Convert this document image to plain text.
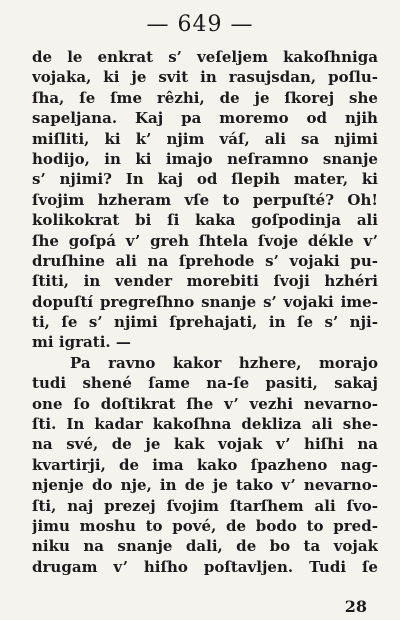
— 649 —
de le enkrat s’ veſeljem kakoſhniga
vojaka, ki je svit in rasujsdan, poſlu-
ſha, ſe ſme rêzhi, de je ſkorej she
sapeljana. Kaj pa moremo od njih
miſliti, ki k’ njim váſ, ali sa njimi
hodijo, in ki imajo neſramno snanje
s’ njimi? In kaj od ſlepih mater, ki
ſvojim hzheram vſe to perpuſté? Oh!
kolikokrat bi ſi kaka goſpodinja ali
ſhe goſpá v’ greh ſhtela ſvoje dékle v’
druſhine ali na ſprehode s’ vojaki pu-
ſtiti, in vender morebiti ſvoji hzhéri
dopuſtí pregreſhno snanje s’ vojaki ime-
ti, ſe s’ njimi ſprehajati, in ſe s’ nji-
mi igrati. —
Pa ravno kakor hzhere, morajo
tudi shené ſame na-ſe pasiti, sakaj
one ſo doſtikrat ſhe v’ vezhi nevarno-
ſti. In kadar kakoſhna dekliza ali she-
na své, de je kak vojak v’ hiſhi na
kvartirji, de ima kako ſpazheno nag-
njenje do nje, in de je tako v’ nevarno-
ſti, naj prezej ſvojim ſtarſhem ali ſvo-
jimu moshu to pové, de bodo to pred-
niku na snanje dali, de bo ta vojak
drugam v’ hiſho poſtavljen. Tudi ſe
28
